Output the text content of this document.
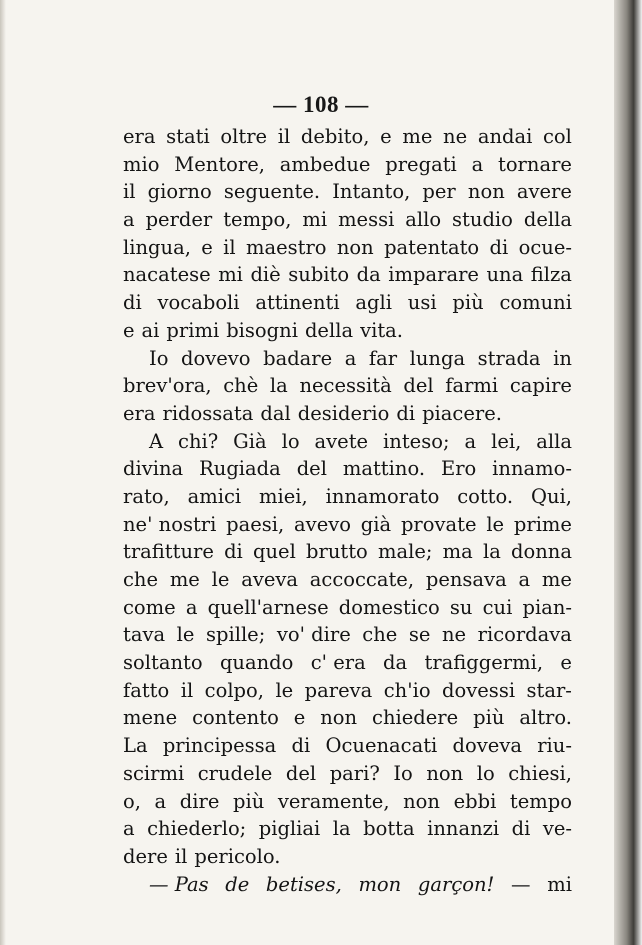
— 108 —
era stati oltre il debito, e me ne andai col
mio Mentore, ambedue pregati a tornare
il giorno seguente. Intanto, per non avere
a perder tempo, mi messi allo studio della
lingua, e il maestro non patentato di ocue-
nacatese mi diè subito da imparare una filza
di vocaboli attinenti agli usi più comuni
e ai primi bisogni della vita.
Io dovevo badare a far lunga strada in
brev'ora, chè la necessità del farmi capire
era ridossata dal desiderio di piacere.
A chi? Già lo avete inteso; a lei, alla
divina Rugiada del mattino. Ero innamo-
rato, amici miei, innamorato cotto. Qui,
ne' nostri paesi, avevo già provate le prime
trafitture di quel brutto male; ma la donna
che me le aveva accoccate, pensava a me
come a quell'arnese domestico su cui pian-
tava le spille; vo' dire che se ne ricordava
soltanto quando c' era da trafiggermi, e
fatto il colpo, le pareva ch'io dovessi star-
mene contento e non chiedere più altro.
La principessa di Ocuenacati doveva riu-
scirmi crudele del pari? Io non lo chiesi,
o, a dire più veramente, non ebbi tempo
a chiederlo; pigliai la botta innanzi di ve-
dere il pericolo.
— Pas de betises, mon garçon! — mi
